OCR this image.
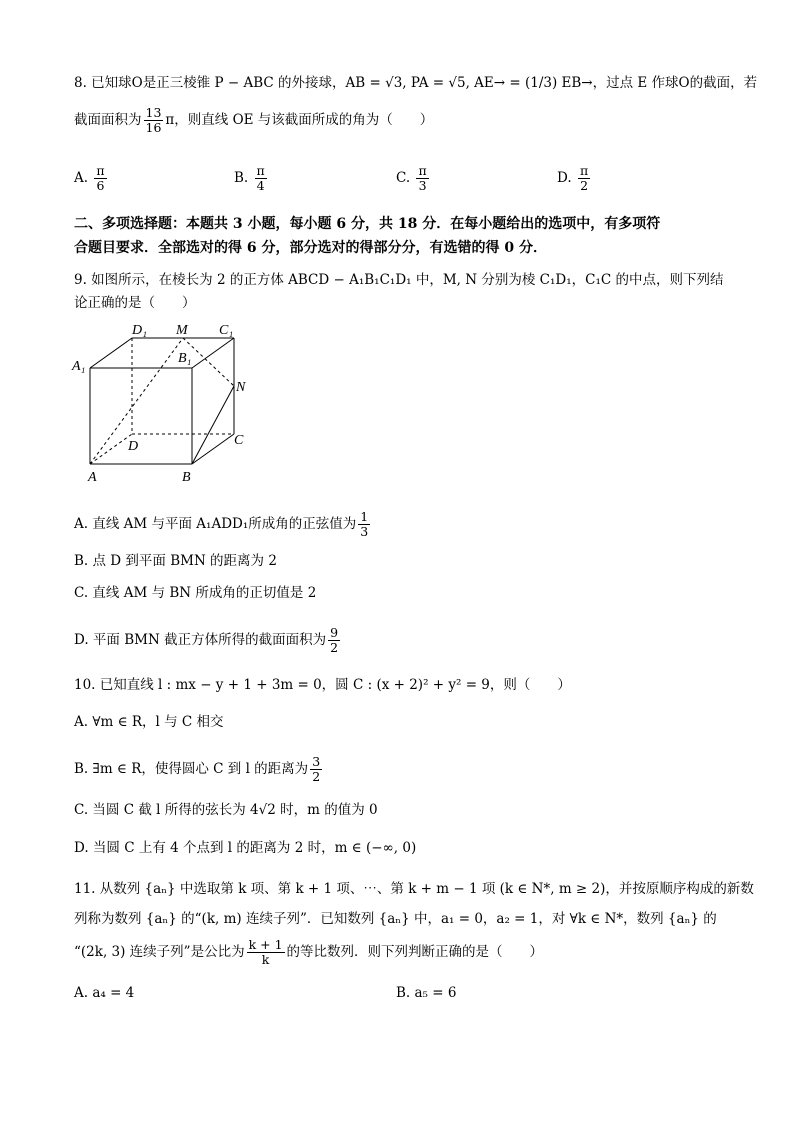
8. 已知球O是正三棱锥 P − ABC 的外接球，AB = √3, PA = √5, AE→ = (1/3) EB→，过点 E 作球O的截面，若
截面面积为 $\frac{13}{16}$ π，则直线 OE 与该截面所成的角为（　　）
A. $\frac{\pi}{6}$	B. $\frac{\pi}{4}$	C. $\frac{\pi}{3}$	D. $\frac{\pi}{2}$
二、多项选择题：本题共 3 小题，每小题 6 分，共 18 分．在每小题给出的选项中，有多项符
合题目要求．全部选对的得 6 分，部分选对的得部分分，有选错的得 0 分．
9. 如图所示，在棱长为 2 的正方体 ABCD − A₁B₁C₁D₁ 中，M, N 分别为棱 C₁D₁，C₁C 的中点，则下列结
论正确的是（　　）
D₁ M C₁
A₁
B₁
N
D	C
A	B
A. 直线 AM 与平面 A₁ADD₁所成角的正弦值为 $\frac{1}{3}$
B. 点 D 到平面 BMN 的距离为 2
C. 直线 AM 与 BN 所成角的正切值是 2
D. 平面 BMN 截正方体所得的截面面积为 $\frac{9}{2}$
10. 已知直线 l : mx − y + 1 + 3m = 0，圆 C : (x + 2)² + y² = 9，则（　　）
A. ∀m ∈ R，l 与 C 相交
B. ∃m ∈ R，使得圆心 C 到 l 的距离为 $\frac{3}{2}$
C. 当圆 C 截 l 所得的弦长为 4√2 时，m 的值为 0
D. 当圆 C 上有 4 个点到 l 的距离为 2 时，m ∈ (−∞, 0)
11. 从数列 {aₙ} 中选取第 k 项、第 k + 1 项、⋯、第 k + m − 1 项 (k ∈ N*, m ≥ 2)，并按原顺序构成的新数
列称为数列 {aₙ} 的“(k, m) 连续子列”．已知数列 {aₙ} 中，a₁ = 0，a₂ = 1，对 ∀k ∈ N*，数列 {aₙ} 的
“(2k, 3) 连续子列”是公比为 $\frac{k + 1}{k}$ 的等比数列．则下列判断正确的是（　　）
A. a₄ = 4	B. a₅ = 6
